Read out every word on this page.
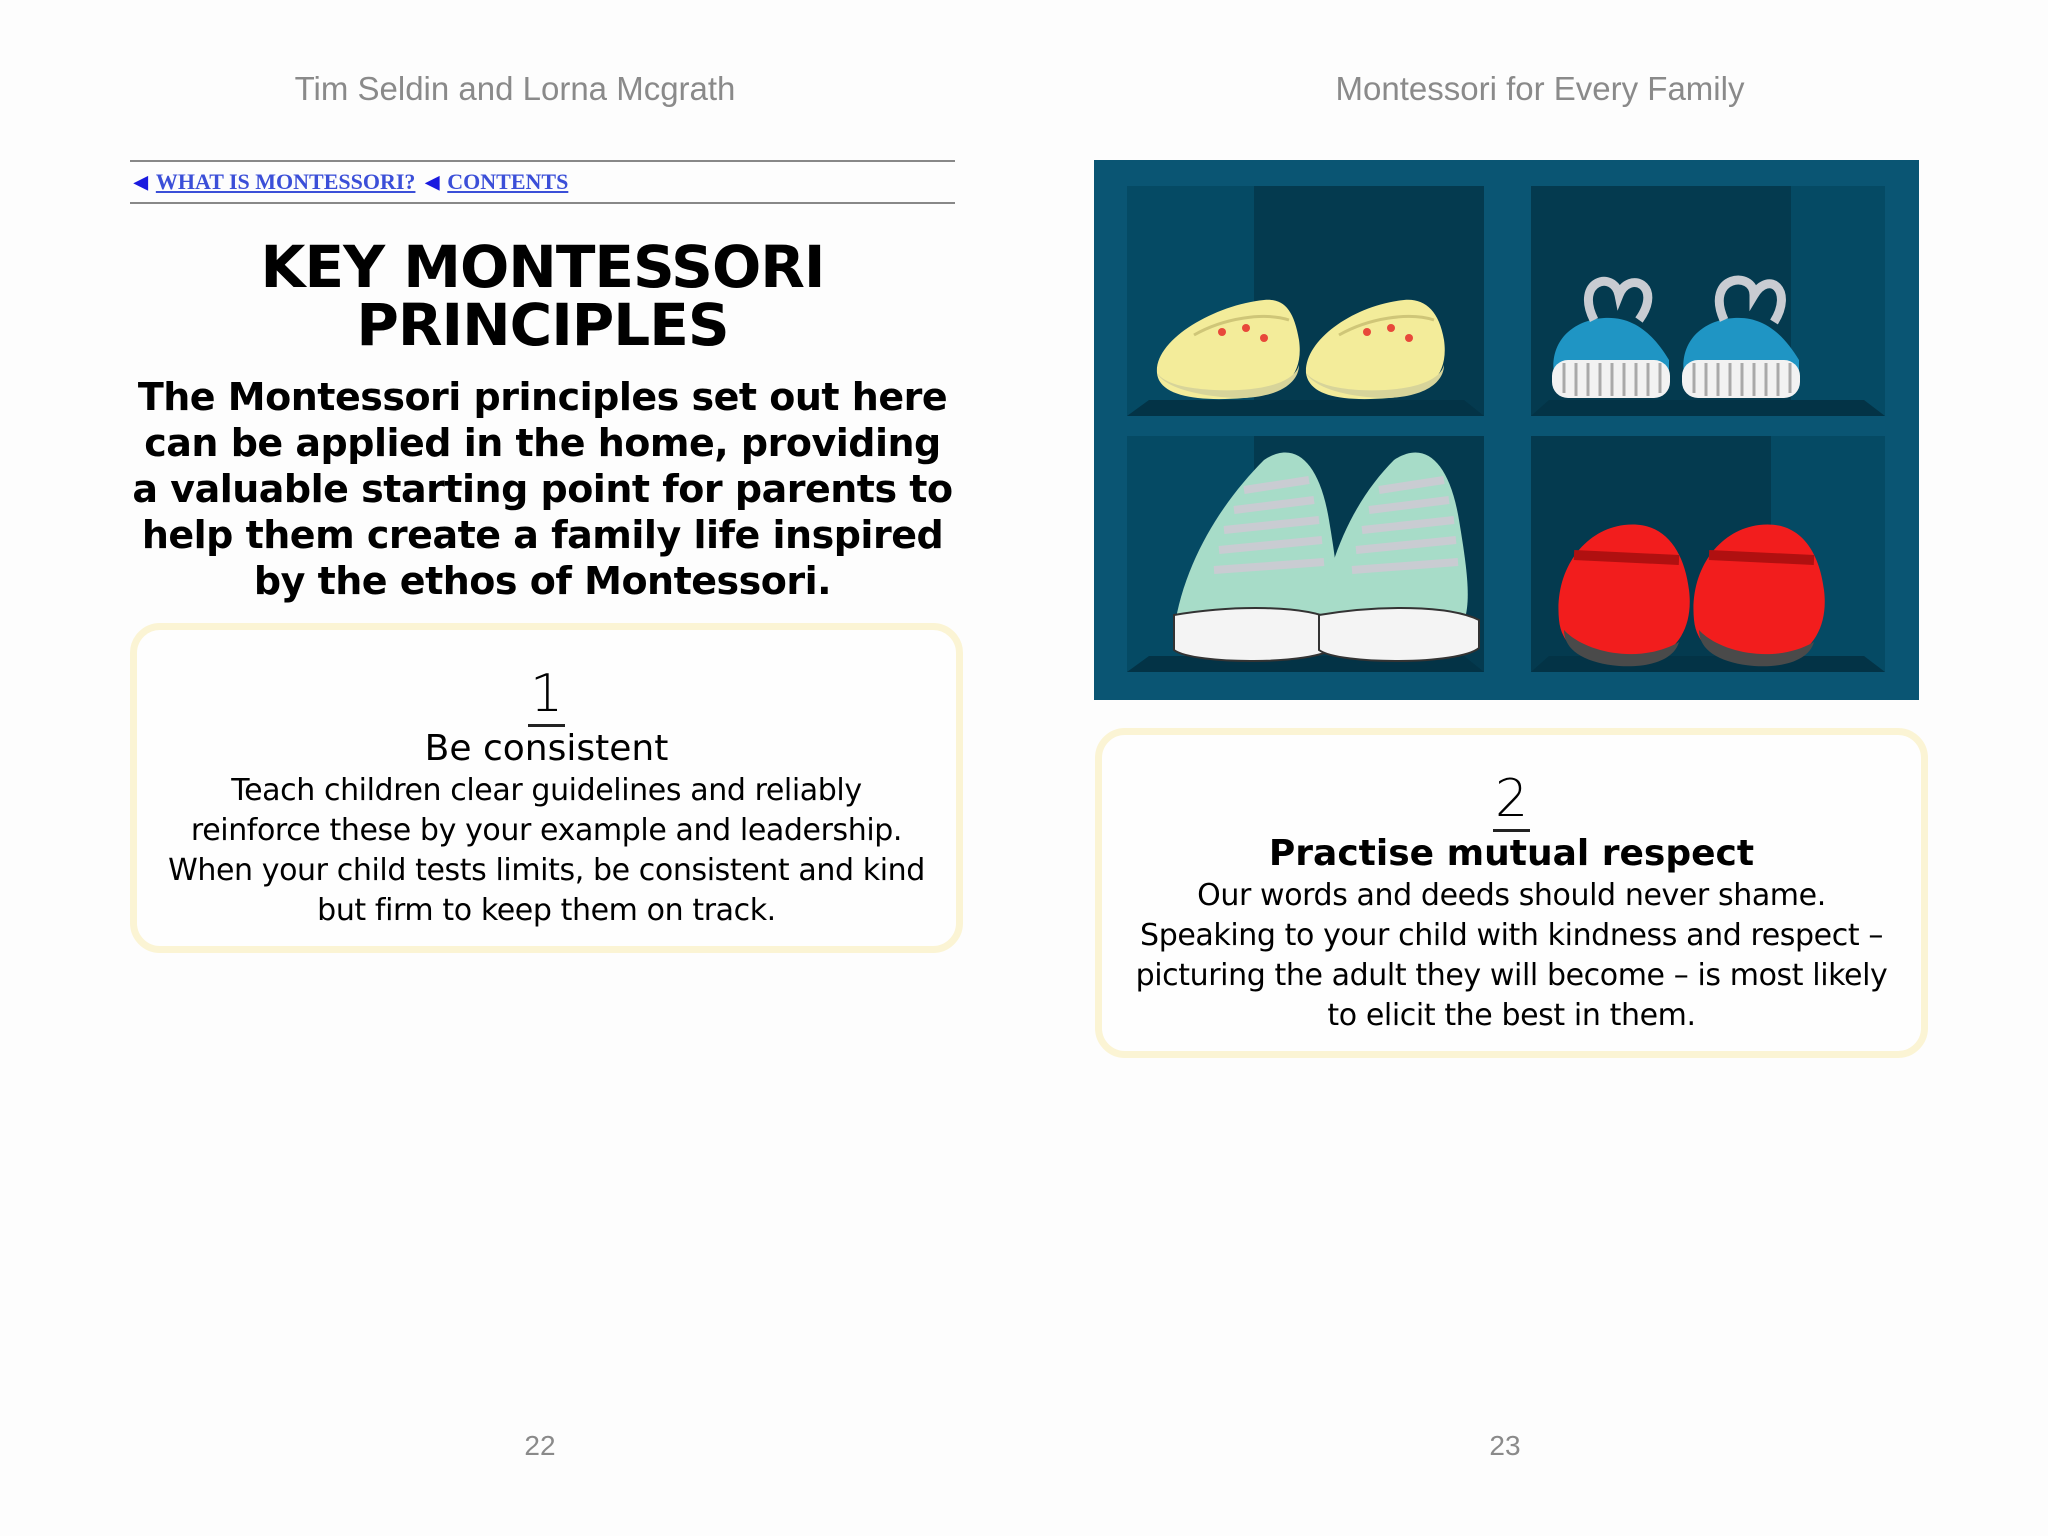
Tim Seldin and Lorna Mcgrath	Montessori for Every Family
◀ WHAT IS MONTESSORI? ◀ CONTENTS
KEY MONTESSORI
PRINCIPLES
The Montessori principles set out here can be applied in the home, providing a valuable starting point for parents to help them create a family life inspired by the ethos of Montessori.
1
Be consistent
Teach children clear guidelines and reliably reinforce these by your example and leadership. When your child tests limits, be consistent and kind but firm to keep them on track.
2
Practise mutual respect
Our words and deeds should never shame. Speaking to your child with kindness and respect – picturing the adult they will become – is most likely to elicit the best in them.
22	23
